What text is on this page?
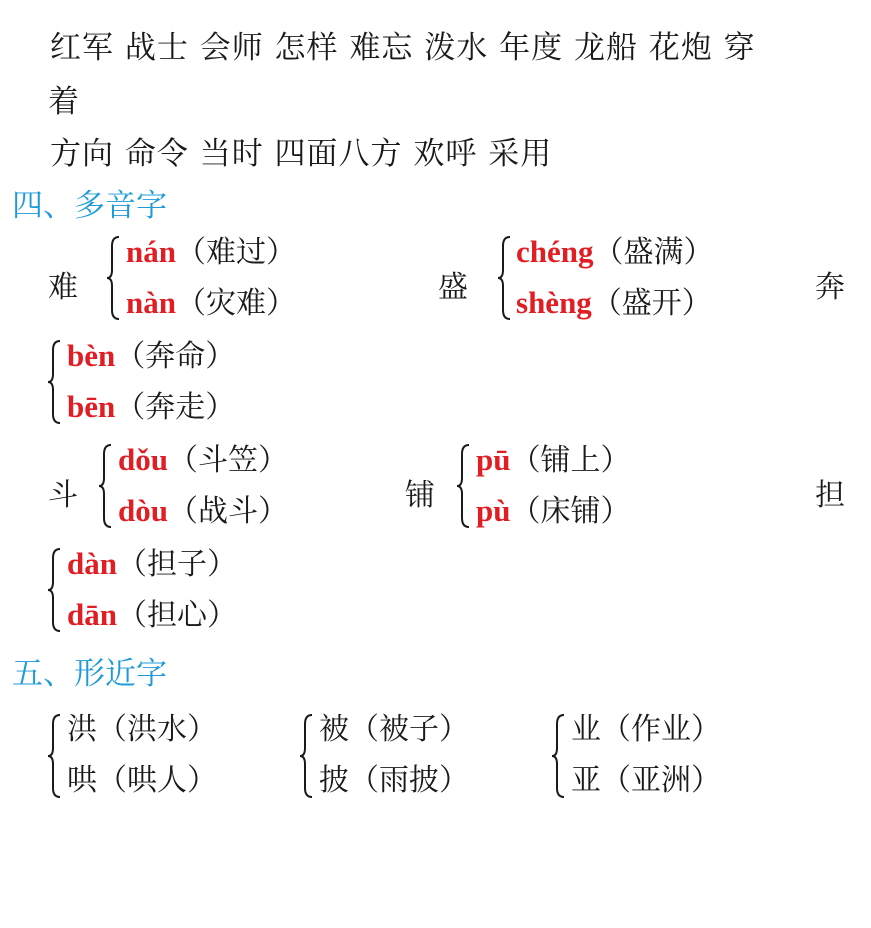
红军 战士 会师 怎样 难忘 泼水 年度 龙船 花炮 穿
着
方向 命令 当时 四面八方 欢呼 采用
四、多音字
难
nán（难过）
nàn（灾难）	盛
chéng（盛满）
shèng（盛开）	奔
bèn（奔命）
bēn（奔走）
斗
dǒu（斗笠）
dòu（战斗）	铺
pū（铺上）
pù（床铺）	担
dàn（担子）
dān（担心）
五、形近字
洪（洪水）
哄（哄人）
被（被子）
披（雨披）
业（作业）
亚（亚洲）
